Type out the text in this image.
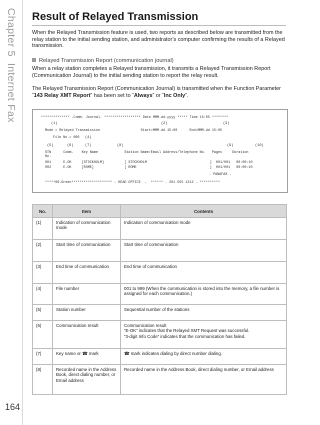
Chapter 5
Internet Fax
164
Result of Relayed Transmission
When the Relayed Transmission feature is used, two reports as described below are transmitted from the relay station to the initial sending station, and administrator’s computer confirming the results of a Relayed transmission.
Relayed Transmission Report (communication journal)
When a relay station completes a Relayed transmission, it transmits a Relayed Transmission Report (Communication Journal) to the initial sending station to report the relay result.
The Relayed Transmission Report (Communication Journal) is transmitted when the Function Parameter “143 Relay XMT Report” has been set to “Always” or “Inc Only”.
************** -Comm. Journal- ****************** Date MMM-dd-yyyy ***** Time 15:05 ********
(1)	(2)	(3)
Mode = Relayed Transmission                    Start=MMM-dd 15:00      End=MMM-dd 15:05
File No.= 060 (4)
(5)	(6)	(7)	(8)	(9)	(10)
STN      Comm.    Key Name             Station Name/Email Address/Telephone No.   Pages     Duration
No.
001      E-OK     [STOCKHOLM]          [ STOCKHOLM                               ]  001/001   00:00:10
002      E-OK     [ROME]               [ ROME                                    ]  001/001   00:00:10
- PANAFAX -
*****06-Green******************** - HEAD OFFICE  -  ****** - 201 555 1212 - **********
No.	Item	Contents
(1)	Indication of communication mode	Indication of communication mode
(2)	Start time of communication	Start time of communication
(3)	End time of communication	End time of communication
(4)	File number	001 to 999 (When the communication is stored into the memory, a file number is assigned for each communication.)
(5)	Station number	Sequential number of the stations
(6)	Communication result	Communication result
“E-OK” indicates that the Relayed XMT Request was successful.
“3-digit Info Code” indicates that the communication has failed.

(7)	Key name or ☎ mark	☎ mark indicates dialing by direct number dialing.
(8)	Recorded name in the Address Book, direct dialing number, or Email address	Recorded name in the Address Book, direct dialing number, or Email address
